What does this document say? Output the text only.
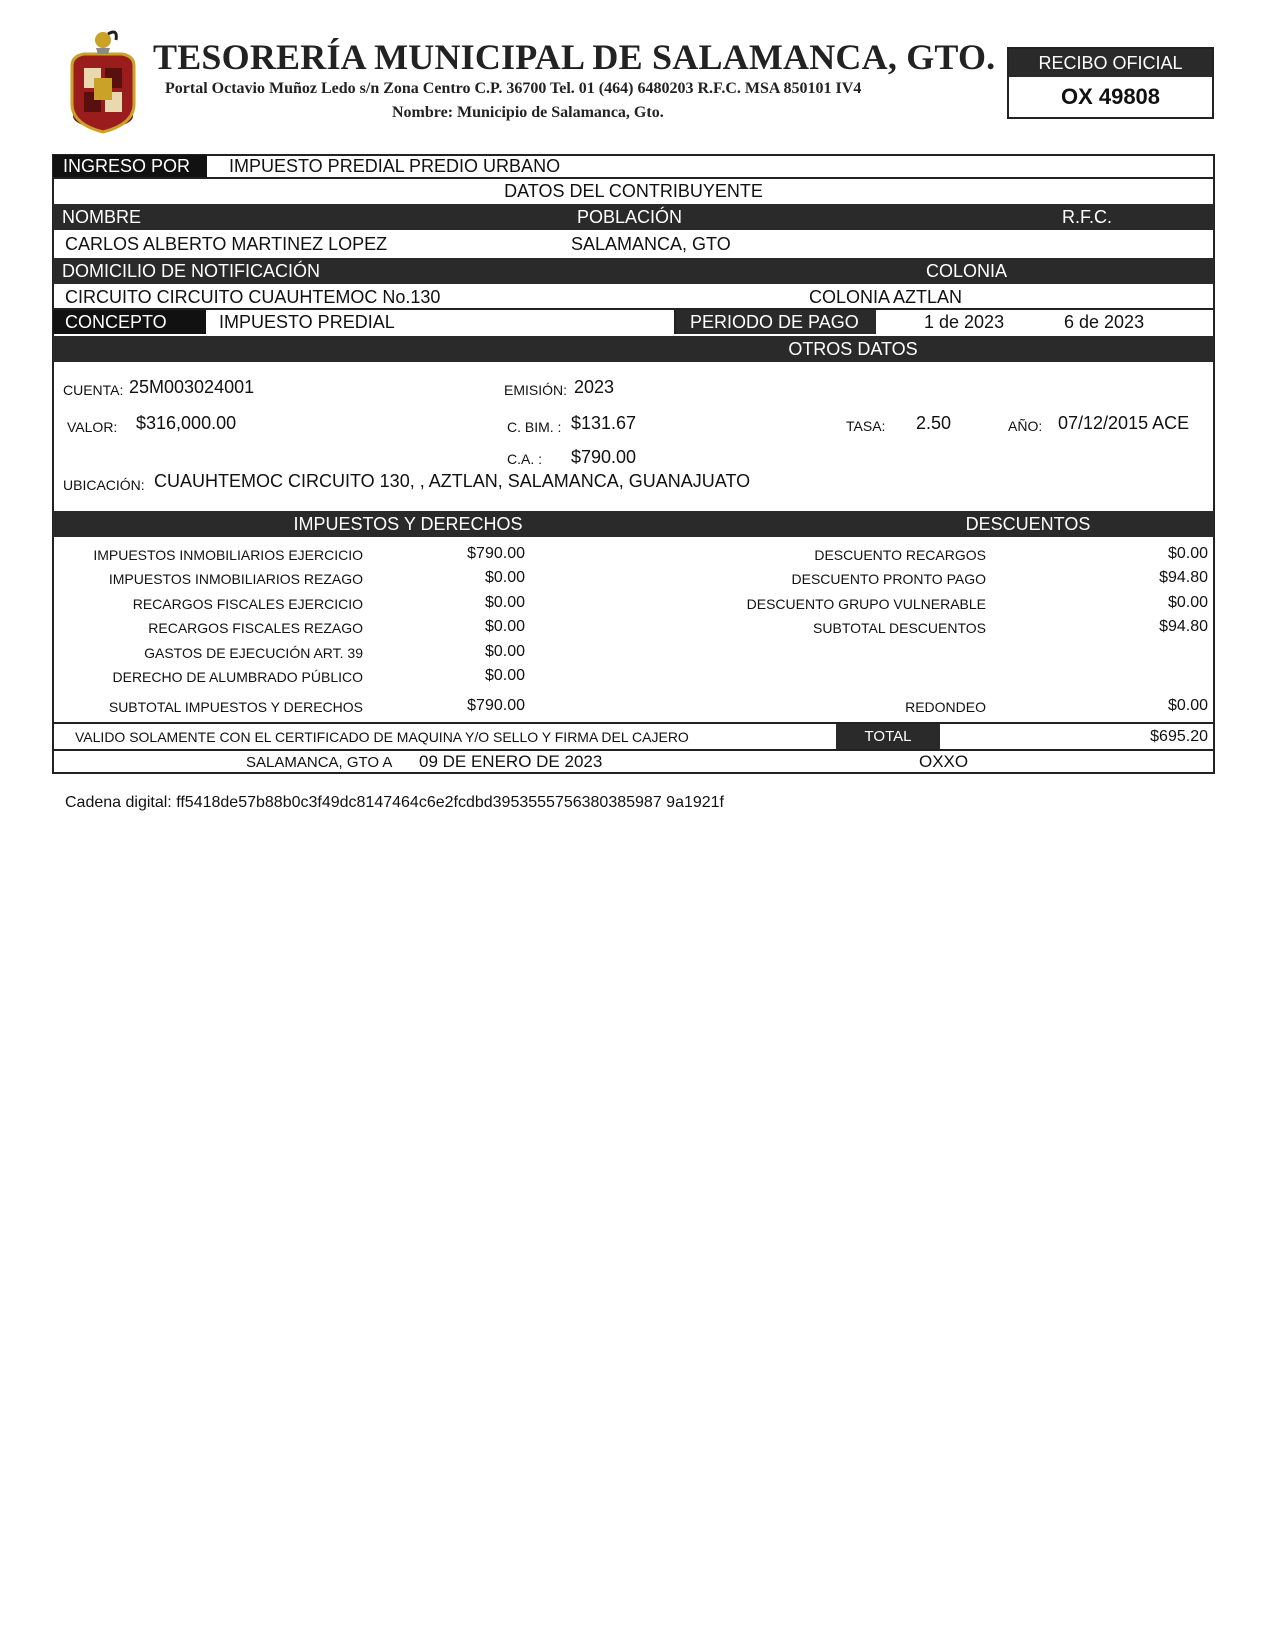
TESORERÍA MUNICIPAL DE SALAMANCA, GTO.
Portal Octavio Muñoz Ledo s/n Zona Centro C.P. 36700 Tel. 01 (464) 6480203 R.F.C. MSA 850101 IV4
Nombre: Municipio de Salamanca, Gto.
RECIBO OFICIAL
OX 49808
INGRESO POR	IMPUESTO PREDIAL PREDIO URBANO
DATOS DEL CONTRIBUYENTE
NOMBRE	POBLACIÓN	R.F.C.
CARLOS ALBERTO MARTINEZ LOPEZ	SALAMANCA, GTO
DOMICILIO DE NOTIFICACIÓN	COLONIA
CIRCUITO CIRCUITO CUAUHTEMOC No.130	COLONIA AZTLAN
CONCEPTO	IMPUESTO PREDIAL	PERIODO DE PAGO	1 de 2023	6 de 2023
OTROS DATOS
CUENTA: 25M003024001	EMISIÓN: 2023
VALOR: $316,000.00	C. BIM. : $131.67	TASA: 2.50	AÑO: 07/12/2015 ACE
C.A. : $790.00
UBICACIÓN: CUAUHTEMOC CIRCUITO 130, , AZTLAN, SALAMANCA, GUANAJUATO
IMPUESTOS Y DERECHOS	DESCUENTOS
IMPUESTOS INMOBILIARIOS EJERCICIO	$790.00
IMPUESTOS INMOBILIARIOS REZAGO	$0.00
RECARGOS FISCALES EJERCICIO	$0.00
RECARGOS FISCALES REZAGO	$0.00
GASTOS DE EJECUCIÓN ART. 39	$0.00
DERECHO DE ALUMBRADO PÚBLICO	$0.00
SUBTOTAL IMPUESTOS Y DERECHOS	$790.00
DESCUENTO RECARGOS	$0.00
DESCUENTO PRONTO PAGO	$94.80
DESCUENTO GRUPO VULNERABLE	$0.00
SUBTOTAL DESCUENTOS	$94.80
REDONDEO	$0.00
VALIDO SOLAMENTE CON EL CERTIFICADO DE MAQUINA Y/O SELLO Y FIRMA DEL CAJERO	TOTAL	$695.20
SALAMANCA, GTO A 09 DE ENERO DE 2023	OXXO
Cadena digital: ff5418de57b88b0c3f49dc8147464c6e2fcdbd3953555756380385987 9a1921f
